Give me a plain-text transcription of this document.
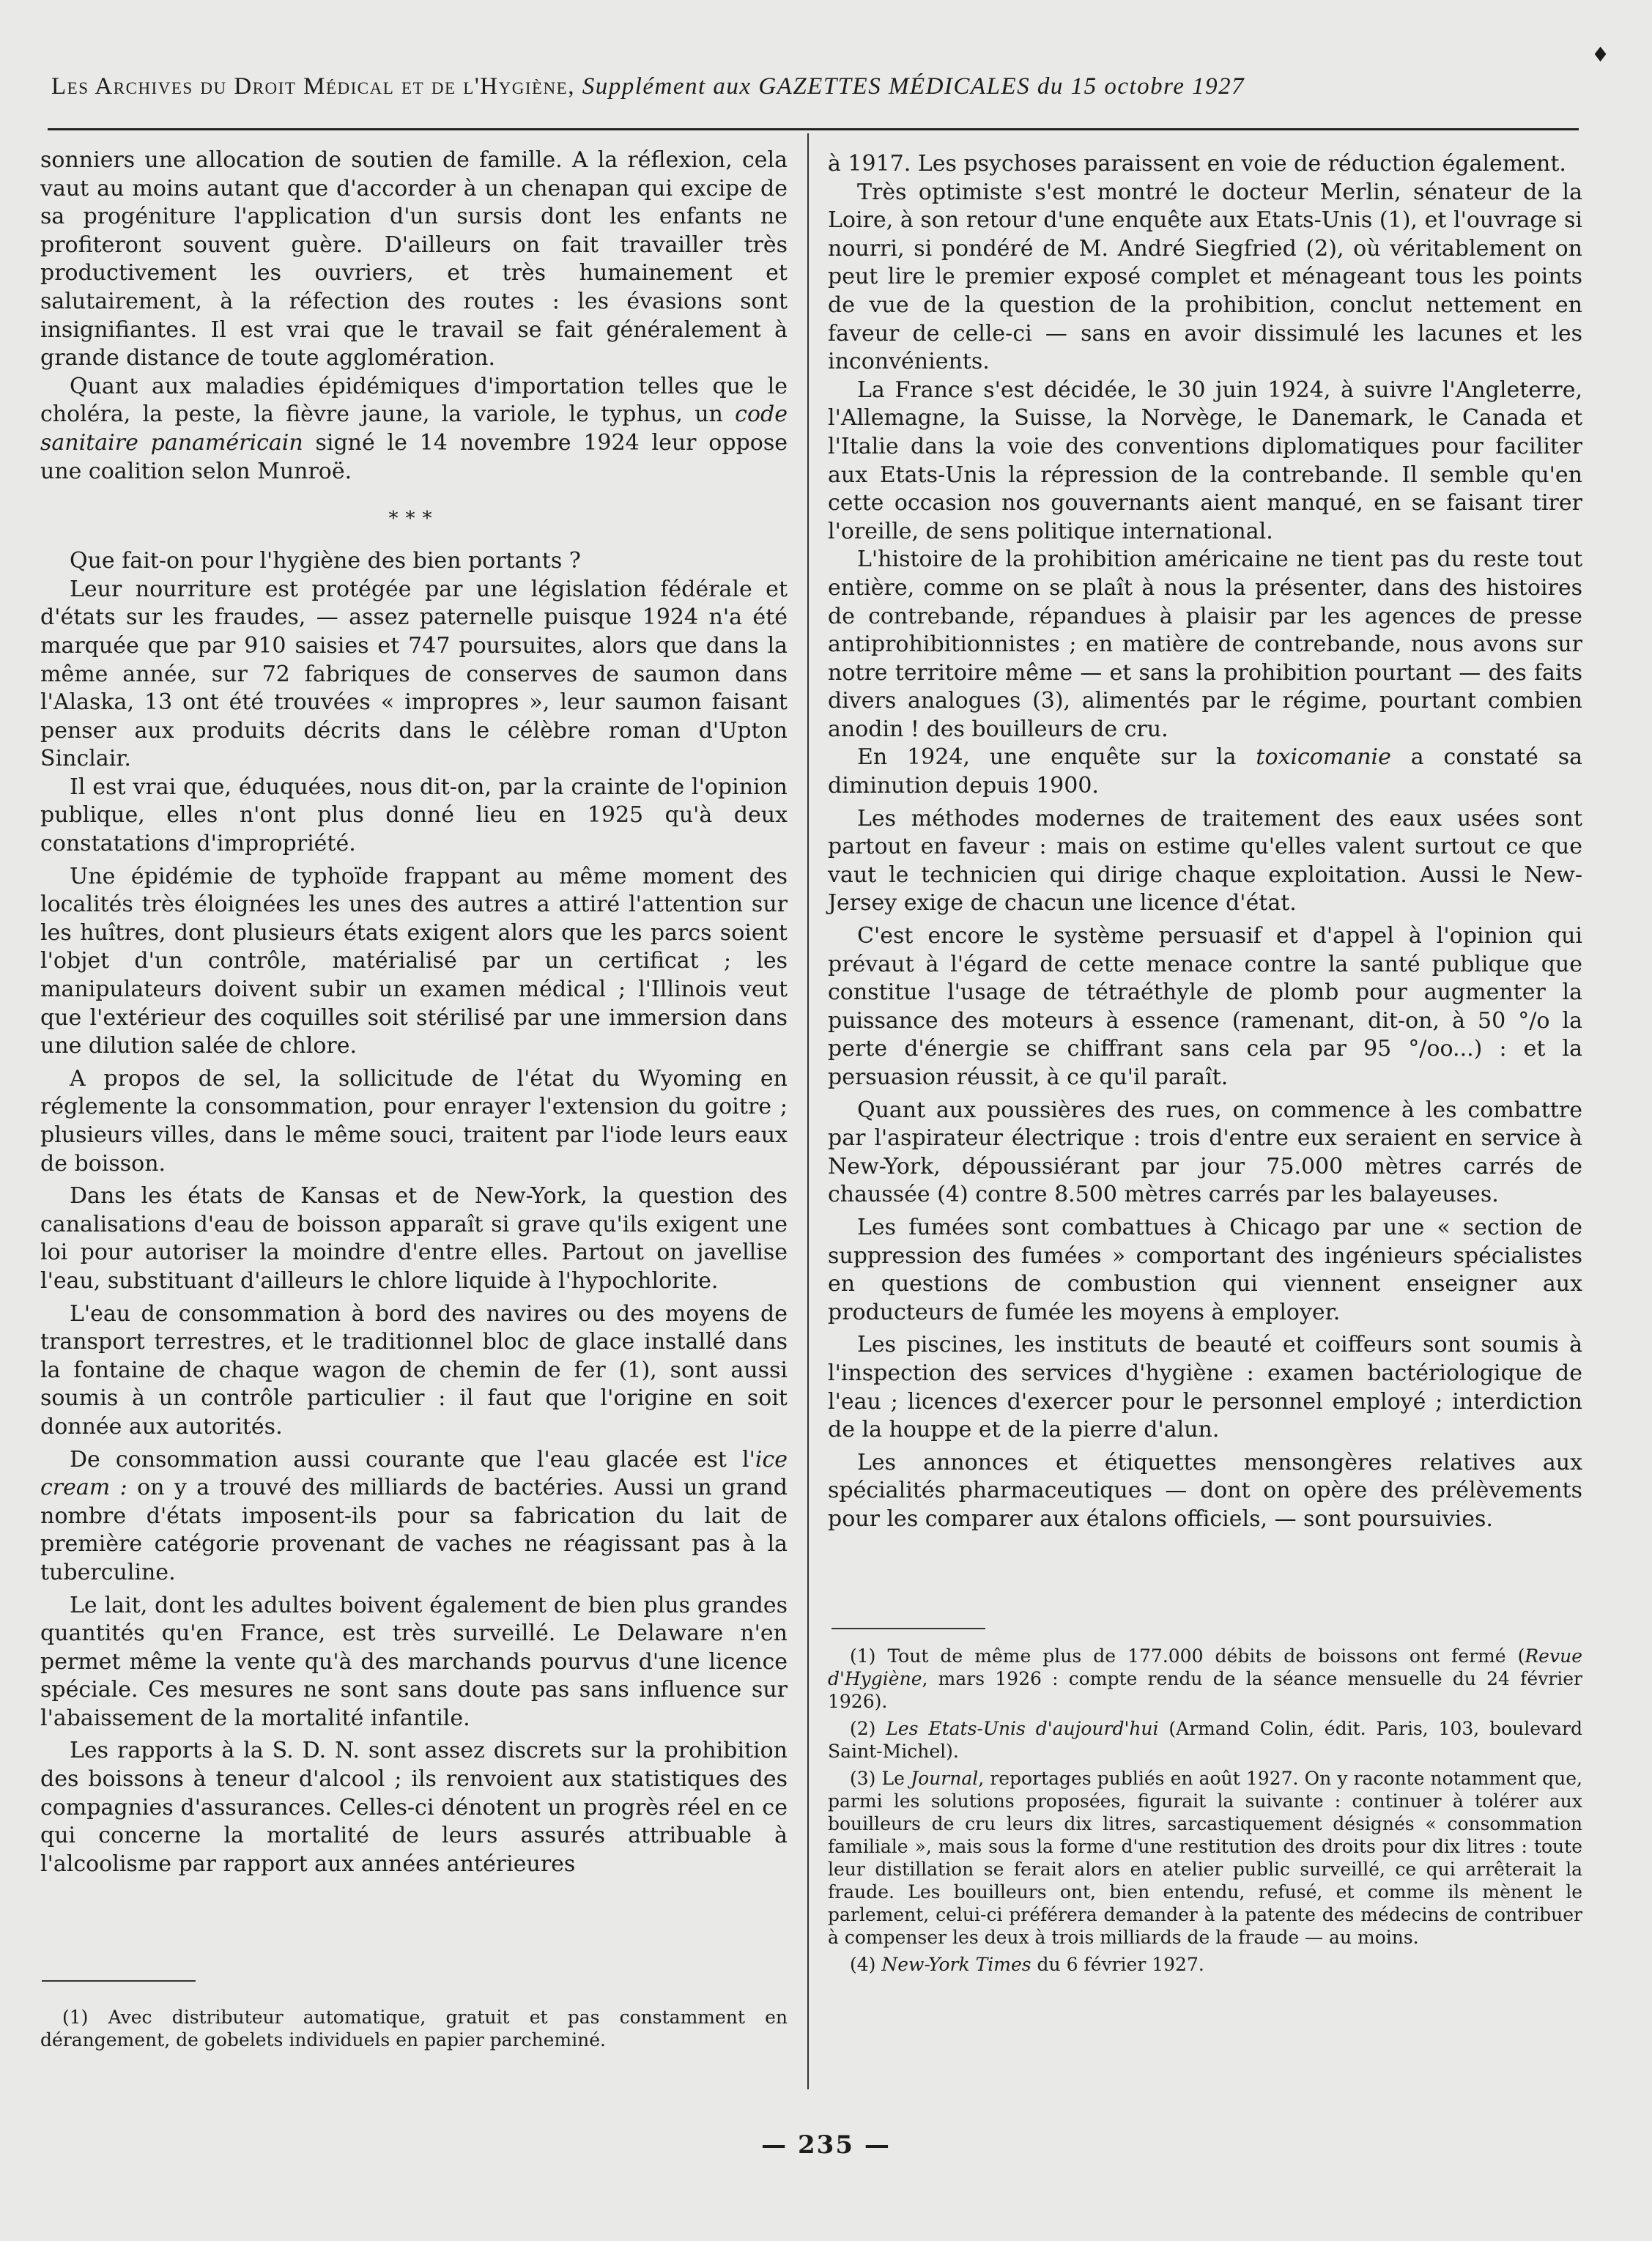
♦
Les Archives du Droit Médical et de l'Hygiène, Supplément aux GAZETTES MÉDICALES du 15 octobre 1927

sonniers une allocation de soutien de famille. A la réflexion, cela vaut au moins autant que d'accorder à un chenapan qui excipe de sa progéniture l'application d'un sursis dont les enfants ne profiteront souvent guère. D'ailleurs on fait travailler très productivement les ouvriers, et très humainement et salutairement, à la réfection des routes : les évasions sont insignifiantes. Il est vrai que le travail se fait généralement à grande distance de toute agglomération.

Quant aux maladies épidémiques d'importation telles que le choléra, la peste, la fièvre jaune, la variole, le typhus, un code sanitaire panaméricain signé le 14 novembre 1924 leur oppose une coalition selon Munroë.

***

Que fait-on pour l'hygiène des bien portants ?

Leur nourriture est protégée par une législation fédérale et d'états sur les fraudes, — assez paternelle puisque 1924 n'a été marquée que par 910 saisies et 747 poursuites, alors que dans la même année, sur 72 fabriques de conserves de saumon dans l'Alaska, 13 ont été trouvées « impropres », leur saumon faisant penser aux produits décrits dans le célèbre roman d'Upton Sinclair.

Il est vrai que, éduquées, nous dit-on, par la crainte de l'opinion publique, elles n'ont plus donné lieu en 1925 qu'à deux constatations d'impropriété.

Une épidémie de typhoïde frappant au même moment des localités très éloignées les unes des autres a attiré l'attention sur les huîtres, dont plusieurs états exigent alors que les parcs soient l'objet d'un contrôle, matérialisé par un certificat ; les manipulateurs doivent subir un examen médical ; l'Illinois veut que l'extérieur des coquilles soit stérilisé par une immersion dans une dilution salée de chlore.

A propos de sel, la sollicitude de l'état du Wyoming en réglemente la consommation, pour enrayer l'extension du goitre ; plusieurs villes, dans le même souci, traitent par l'iode leurs eaux de boisson.

Dans les états de Kansas et de New-York, la question des canalisations d'eau de boisson apparaît si grave qu'ils exigent une loi pour autoriser la moindre d'entre elles. Partout on javellise l'eau, substituant d'ailleurs le chlore liquide à l'hypochlorite.

L'eau de consommation à bord des navires ou des moyens de transport terrestres, et le traditionnel bloc de glace installé dans la fontaine de chaque wagon de chemin de fer (1), sont aussi soumis à un contrôle particulier : il faut que l'origine en soit donnée aux autorités.

De consommation aussi courante que l'eau glacée est l'ice cream : on y a trouvé des milliards de bactéries. Aussi un grand nombre d'états imposent-ils pour sa fabrication du lait de première catégorie provenant de vaches ne réagissant pas à la tuberculine.

Le lait, dont les adultes boivent également de bien plus grandes quantités qu'en France, est très surveillé. Le Delaware n'en permet même la vente qu'à des marchands pourvus d'une licence spéciale. Ces mesures ne sont sans doute pas sans influence sur l'abaissement de la mortalité infantile.

Les rapports à la S. D. N. sont assez discrets sur la prohibition des boissons à teneur d'alcool ; ils renvoient aux statistiques des compagnies d'assurances. Celles-ci dénotent un progrès réel en ce qui concerne la mortalité de leurs assurés attribuable à l'alcoolisme par rapport aux années antérieures

à 1917. Les psychoses paraissent en voie de réduction également.

Très optimiste s'est montré le docteur Merlin, sénateur de la Loire, à son retour d'une enquête aux Etats-Unis (1), et l'ouvrage si nourri, si pondéré de M. André Siegfried (2), où véritablement on peut lire le premier exposé complet et ménageant tous les points de vue de la question de la prohibition, conclut nettement en faveur de celle-ci — sans en avoir dissimulé les lacunes et les inconvénients.

La France s'est décidée, le 30 juin 1924, à suivre l'Angleterre, l'Allemagne, la Suisse, la Norvège, le Danemark, le Canada et l'Italie dans la voie des conventions diplomatiques pour faciliter aux Etats-Unis la répression de la contrebande. Il semble qu'en cette occasion nos gouvernants aient manqué, en se faisant tirer l'oreille, de sens politique international.

L'histoire de la prohibition américaine ne tient pas du reste tout entière, comme on se plaît à nous la présenter, dans des histoires de contrebande, répandues à plaisir par les agences de presse antiprohibitionnistes ; en matière de contrebande, nous avons sur notre territoire même — et sans la prohibition pourtant — des faits divers analogues (3), alimentés par le régime, pourtant combien anodin ! des bouilleurs de cru.

En 1924, une enquête sur la toxicomanie a constaté sa diminution depuis 1900.

Les méthodes modernes de traitement des eaux usées sont partout en faveur : mais on estime qu'elles valent surtout ce que vaut le technicien qui dirige chaque exploitation. Aussi le New-Jersey exige de chacun une licence d'état.

C'est encore le système persuasif et d'appel à l'opinion qui prévaut à l'égard de cette menace contre la santé publique que constitue l'usage de tétraéthyle de plomb pour augmenter la puissance des moteurs à essence (ramenant, dit-on, à 50 °/o la perte d'énergie se chiffrant sans cela par 95 °/oo...) : et la persuasion réussit, à ce qu'il paraît.

Quant aux poussières des rues, on commence à les combattre par l'aspirateur électrique : trois d'entre eux seraient en service à New-York, dépoussiérant par jour 75.000 mètres carrés de chaussée (4) contre 8.500 mètres carrés par les balayeuses.

Les fumées sont combattues à Chicago par une « section de suppression des fumées » comportant des ingénieurs spécialistes en questions de combustion qui viennent enseigner aux producteurs de fumée les moyens à employer.

Les piscines, les instituts de beauté et coiffeurs sont soumis à l'inspection des services d'hygiène : examen bactériologique de l'eau ; licences d'exercer pour le personnel employé ; interdiction de la houppe et de la pierre d'alun.

Les annonces et étiquettes mensongères relatives aux spécialités pharmaceutiques — dont on opère des prélèvements pour les comparer aux étalons officiels, — sont poursuivies.

(1) Avec distributeur automatique, gratuit et pas constamment en dérangement, de gobelets individuels en papier parcheminé.

(1) Tout de même plus de 177.000 débits de boissons ont fermé (Revue d'Hygiène, mars 1926 : compte rendu de la séance mensuelle du 24 février 1926).

(2) Les Etats-Unis d'aujourd'hui (Armand Colin, édit. Paris, 103, boulevard Saint-Michel).

(3) Le Journal, reportages publiés en août 1927. On y raconte notamment que, parmi les solutions proposées, figurait la suivante : continuer à tolérer aux bouilleurs de cru leurs dix litres, sarcastiquement désignés « consommation familiale », mais sous la forme d'une restitution des droits pour dix litres : toute leur distillation se ferait alors en atelier public surveillé, ce qui arrêterait la fraude. Les bouilleurs ont, bien entendu, refusé, et comme ils mènent le parlement, celui-ci préférera demander à la patente des médecins de contribuer à compenser les deux à trois milliards de la fraude — au moins.

(4) New-York Times du 6 février 1927.

— 235 —
